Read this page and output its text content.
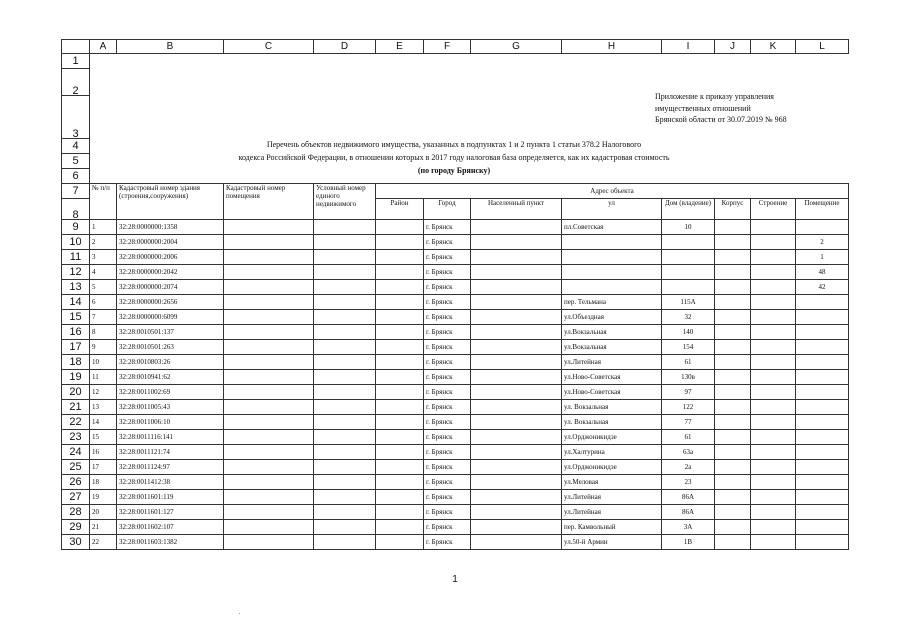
	A	B	C	D	E	F	G	H	I	J	K	L
1												
2												
3												
4												
5												
6												
7	№ п/п	Кадастровый номер здания (строения,сооружения)	Кадастровый номер помещения	Условный номер единого недвижимого	Адрес объекта							
8					Район	Город	Населенный пункт	ул	Дом (владение)	Корпус	Строение	Помещение
9	1	32:28:0000000:1358				г. Брянск		пл.Советская	10			
10	2	32:28:0000000:2004				г. Брянск						2
11	3	32:28:0000000:2006				г. Брянск						1
12	4	32:28:0000000:2042				г. Брянск						48
13	5	32:28:0000000:2074				г. Брянск						42
14	6	32:28:0000000:2656				г. Брянск		пер. Тельмана	115А			
15	7	32:28:0000000:6099				г. Брянск		ул.Объездная	32			
16	8	32:28:0010501:137				г. Брянск		ул.Вокзальная	140			
17	9	32:28:0010501:263				г. Брянск		ул.Вокзальная	154			
18	10	32:28:0010803:26				г. Брянск		ул.Литейная	61			
19	11	32:28:0010941:62				г. Брянск		ул.Ново-Советская	130в			
20	12	32:28:0011002:69				г. Брянск		ул.Ново-Советская	97			
21	13	32:28:0011005:43				г. Брянск		ул. Вокзальная	122			
22	14	32:28:0011006:10				г. Брянск		ул. Вокзальная	77			
23	15	32:28:0011116:141				г. Брянск		ул.Орджоникидзе	61			
24	16	32:28:0011121:74				г. Брянск		ул.Халтурина	63а			
25	17	32:28:0011124:97				г. Брянск		ул.Орджоникидзе	2а			
26	18	32:28:0011412:38				г. Брянск		ул.Меловая	23			
27	19	32:28:0011601:119				г. Брянск		ул.Литейная	86А			
28	20	32:28:0011601:127				г. Брянск		ул.Литейная	86А			
29	21	32:28:0011602:107				г. Брянск		пер. Камвольный	3А			
30	22	32:28:0011603:1382				г. Брянск		ул.50-й Армии	1В			
Приложение к приказу управления
имущественных отношений
Брянской области от 30.07.2019 № 968
Перечень объектов недвижимого имущества, указанных в подпунктах 1 и 2 пункта 1 статьи 378.2 Налогового
кодекса Российской Федерации, в отношении которых в 2017 году налоговая база определяется, как их кадастровая стоимость
(по городу Брянску)
1
